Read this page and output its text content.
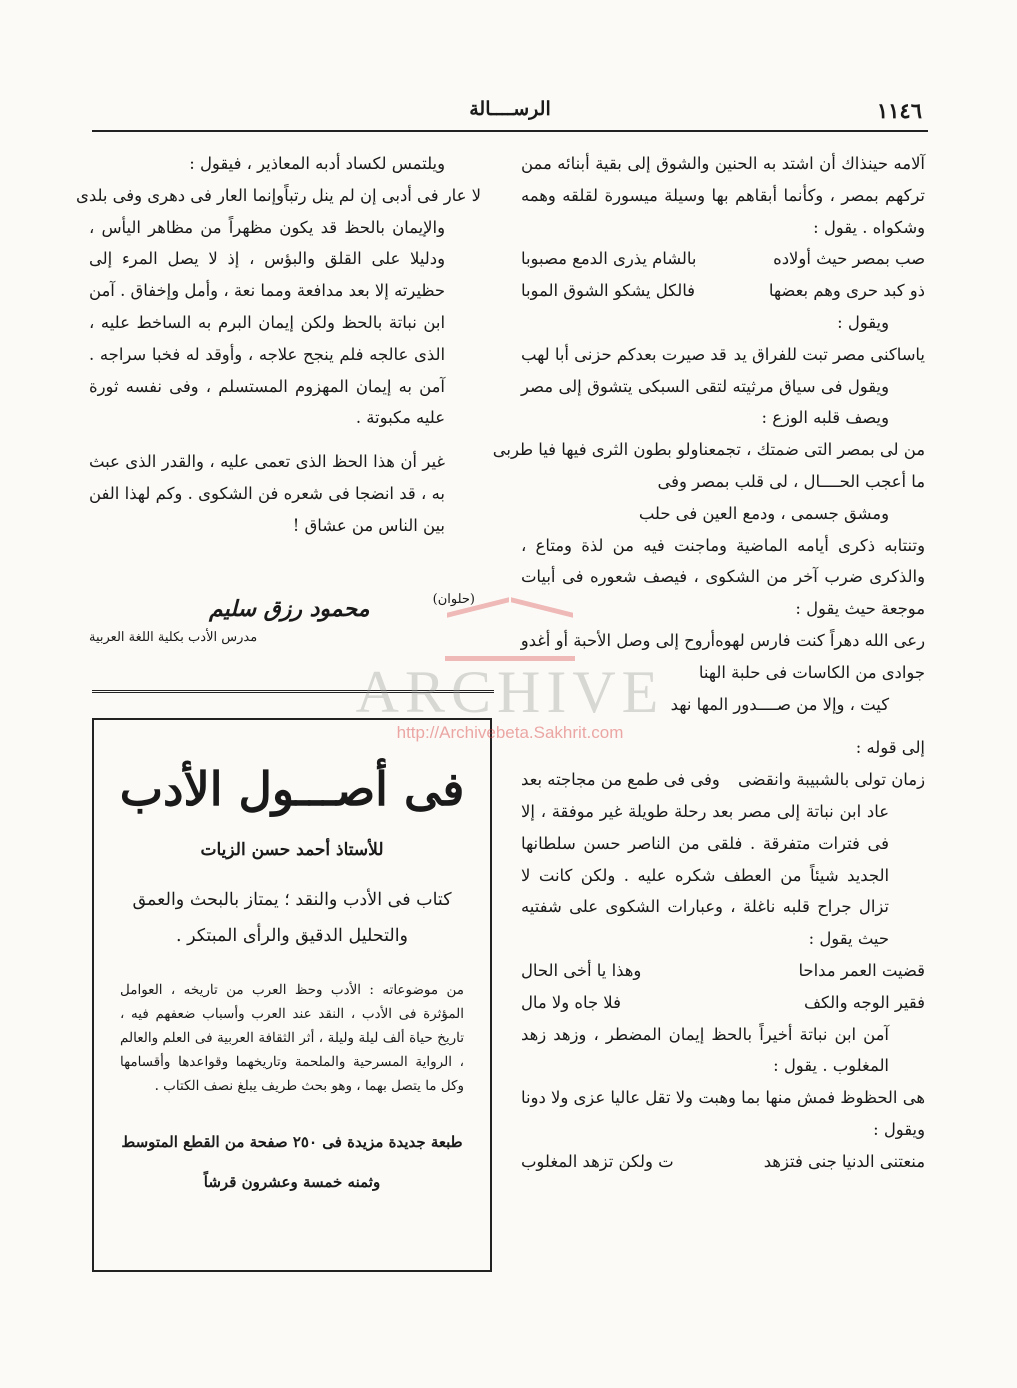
١١٤٦
الرســــالة

آلامه حينذاك أن اشتد به الحنين والشوق إلى بقية أبنائه ممن تركهم بمصر ، وكأنما أبقاهم بها وسيلة ميسورة لقلقه وهمه وشكواه . يقول :

صب بمصر حيث أولاده
بالشام يذرى الدمع مصبوبا
ذو كبد حرى وهم بعضها
فالكل يشكو الشوق الموبا

ويقول :

ياساكنى مصر تبت للفراق يد
قد صيرت بعدكم حزنى أبا لهب

ويقول فى سياق مرثيته لتقى السبكى يتشوق إلى مصر ويصف قلبه الوزع :

من لى بمصر التى ضمتك ، تجمعنا
ولو بطون الثرى فيها فيا طربى
ما أعجب الحــــال ، لى قلب بمصر وفى

ومشق جسمى ، ودمع العين فى حلب

وتنتابه ذكرى أيامه الماضية وماجنت فيه من لذة ومتاع ، والذكرى ضرب آخر من الشكوى ، فيصف شعوره فى أبيات موجعة حيث يقول :

رعى الله دهراً كنت فارس لهوه
أروح إلى وصل الأحبة أو أغدو

جوادى من الكاسات فى حلبة الهنا

كيت ، وإلا من صــــدور المها نهد

إلى قوله :

زمان تولى بالشبيبة وانقضى
وفى فى طمع من مجاجته بعد

عاد ابن نباتة إلى مصر بعد رحلة طويلة غير موفقة ، إلا فى فترات متفرقة . فلقى من الناصر حسن سلطانها الجديد شيئاً من العطف شكره عليه . ولكن كانت لا تزال جراح قلبه ناغلة ، وعبارات الشكوى على شفتيه حيث يقول :

قضيت العمر مداحا
وهذا يا أخى الحال
فقير الوجه والكف
فلا جاه ولا مال

آمن ابن نباتة أخيراً بالحظ إيمان المضطر ، وزهد زهد المغلوب . يقول :

هى الحظوظ فمش منها بما وهبت
ولا تقل عاليا عزى ولا دونا

ويقول :

منعتنى الدنيا جنى فتزهد
ت ولكن تزهد المغلوب

ويلتمس لكساد أدبه المعاذير ، فيقول :

لا عار فى أدبى إن لم ينل رتباً
وإنما العار فى دهرى وفى بلدى

والإيمان بالحظ قد يكون مظهراً من مظاهر اليأس ، ودليلا على القلق والبؤس ، إذ لا يصل المرء إلى حظيرته إلا بعد مدافعة ومما نعة ، وأمل وإخفاق . آمن ابن نباتة بالحظ ولكن إيمان البرم به الساخط عليه ، الذى عالجه فلم ينجح علاجه ، وأوقد له فخبا سراجه . آمن به إيمان المهزوم المستسلم ، وفى نفسه ثورة عليه مكبوتة .

غير أن هذا الحظ الذى تعمى عليه ، والقدر الذى عبث به ، قد انضجا فى شعره فن الشكوى . وكم لهذا الفن بين الناس من عشاق !

(حلوان)
محمود رزق سليم
مدرس الأدب بكلية اللغة العربية
فى أصـــول الأدب
للأستاذ أحمد حسن الزيات
كتاب فى الأدب والنقد ؛ يمتاز بالبحث والعمق والتحليل الدقيق والرأى المبتكر .
من موضوعاته : الأدب وحظ العرب من تاريخه ، العوامل المؤثرة فى الأدب ، النقد عند العرب وأسباب ضعفهم فيه ، تاريخ حياة ألف ليلة وليلة ، أثر الثقافة العربية فى العلم والعالم ، الرواية المسرحية والملحمة وتاريخهما وقواعدها وأقسامها وكل ما يتصل بهما ، وهو بحث طريف يبلغ نصف الكتاب .
طبعة جديدة مزيدة فى ٢٥٠ صفحة من القطع المتوسط وثمنه خمسة وعشرون قرشاً
ARCHIVE
http://Archivebeta.Sakhrit.com
